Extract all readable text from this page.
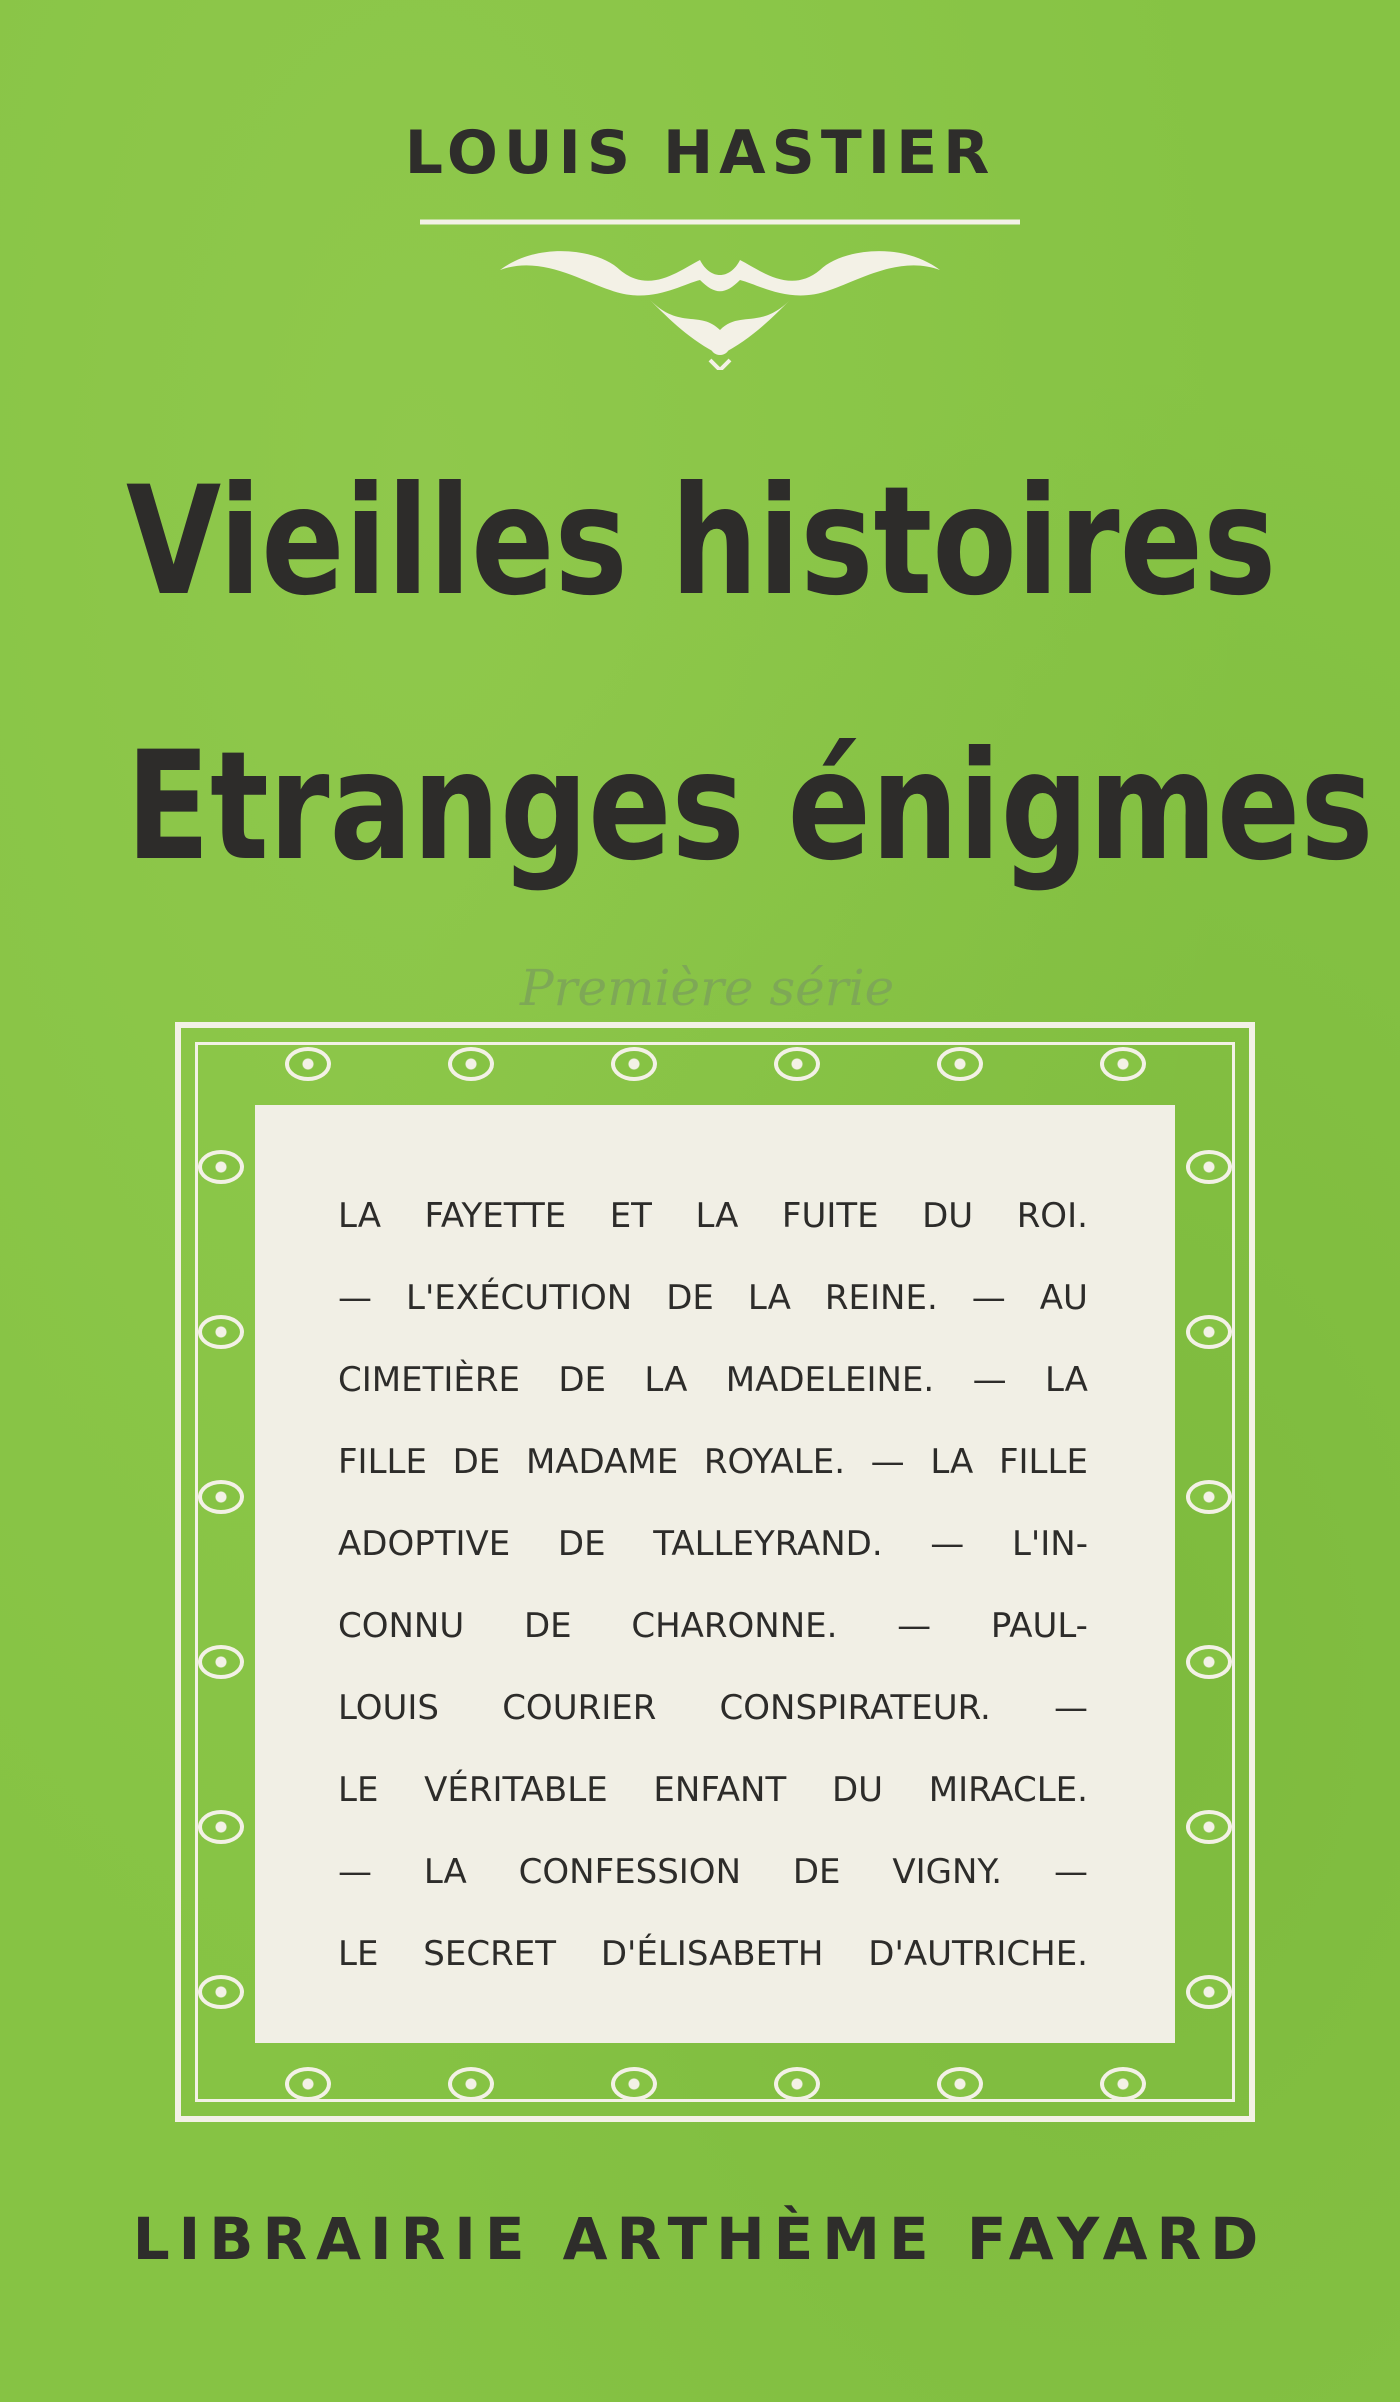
LOUIS HASTIER
Vieilles histoires
Etranges énigmes
Première série
LA FAYETTE ET LA FUITE DU ROI.
— L'EXÉCUTION DE LA REINE. — AU
CIMETIÈRE DE LA MADELEINE. — LA
FILLE DE MADAME ROYALE. — LA FILLE
ADOPTIVE DE TALLEYRAND. — L'IN-
CONNU DE CHARONNE. — PAUL-
LOUIS COURIER CONSPIRATEUR. —
LE VÉRITABLE ENFANT DU MIRACLE.
— LA CONFESSION DE VIGNY. —
LE SECRET D'ÉLISABETH D'AUTRICHE.
LIBRAIRIE ARTHÈME FAYARD
